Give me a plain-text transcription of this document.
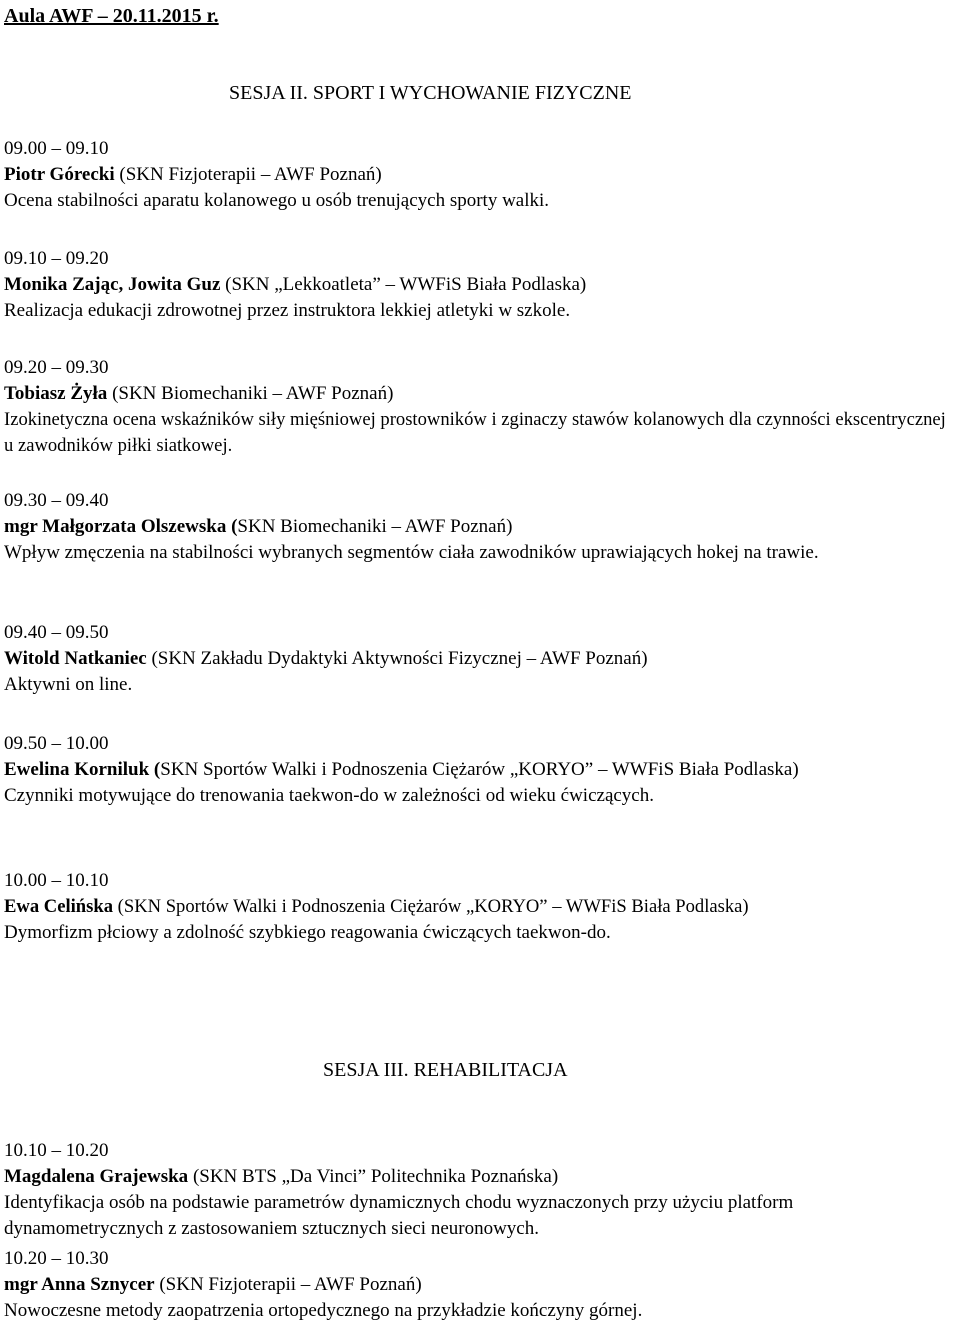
Aula AWF – 20.11.2015 r.
SESJA II. SPORT I WYCHOWANIE FIZYCZNE
09.00 – 09.10
Piotr Górecki (SKN Fizjoterapii – AWF Poznań)
Ocena stabilności aparatu kolanowego u osób trenujących sporty walki.
09.10 – 09.20
Monika Zając, Jowita Guz (SKN „Lekkoatleta” – WWFiS Biała Podlaska)
Realizacja edukacji zdrowotnej przez instruktora lekkiej atletyki w szkole.
09.20 – 09.30
Tobiasz Żyła (SKN Biomechaniki – AWF Poznań)
Izokinetyczna ocena wskaźników siły mięśniowej prostowników i zginaczy stawów kolanowych dla czynności ekscentrycznej u zawodników piłki siatkowej.
09.30 – 09.40
mgr Małgorzata Olszewska (SKN Biomechaniki – AWF Poznań)
Wpływ zmęczenia na stabilności wybranych segmentów ciała zawodników uprawiających hokej na trawie.
09.40 – 09.50
Witold Natkaniec (SKN Zakładu Dydaktyki Aktywności Fizycznej – AWF Poznań)
Aktywni on line.
09.50 – 10.00
Ewelina Korniluk (SKN Sportów Walki i Podnoszenia Ciężarów „KORYO” – WWFiS Biała Podlaska)
Czynniki motywujące do trenowania taekwon-do w zależności od wieku ćwiczących.
10.00 – 10.10
Ewa Celińska (SKN Sportów Walki i Podnoszenia Ciężarów „KORYO” – WWFiS Biała Podlaska)
Dymorfizm płciowy a zdolność szybkiego reagowania ćwiczących taekwon-do.
SESJA III. REHABILITACJA
10.10 – 10.20
Magdalena Grajewska (SKN BTS „Da Vinci” Politechnika Poznańska)
Identyfikacja osób na podstawie parametrów dynamicznych chodu wyznaczonych przy użyciu platform dynamometrycznych z zastosowaniem sztucznych sieci neuronowych.
10.20 – 10.30
mgr Anna Sznycer (SKN Fizjoterapii – AWF Poznań)
Nowoczesne metody zaopatrzenia ortopedycznego na przykładzie kończyny górnej.
